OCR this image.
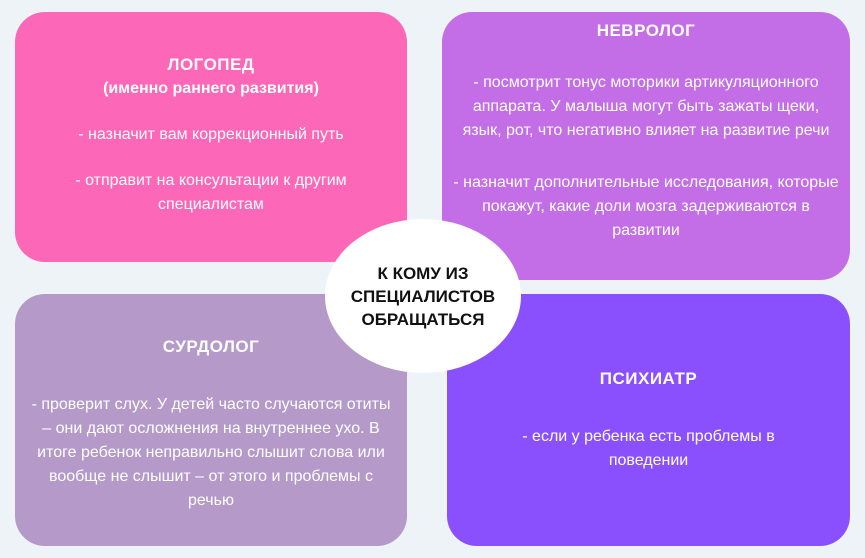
ЛОГОПЕД
(именно раннего развития)

- назначит вам коррекционный путь

- отправит на консультации к другим специалистам

НЕВРОЛОГ

- посмотрит тонус моторики артикуляционного аппарата. У малыша могут быть зажаты щеки, язык, рот, что негативно влияет на развитие речи

- назначит дополнительные исследования, которые покажут, какие доли мозга задерживаются в развитии

СУРДОЛОГ

- проверит слух. У детей часто случаются отиты – они дают осложнения на внутреннее ухо. В итоге ребенок неправильно слышит слова или вообще не слышит – от этого и проблемы с речью

ПСИХИАТР

- если у ребенка есть проблемы в поведении

К КОМУ ИЗ
СПЕЦИАЛИСТОВ
ОБРАЩАТЬСЯ
